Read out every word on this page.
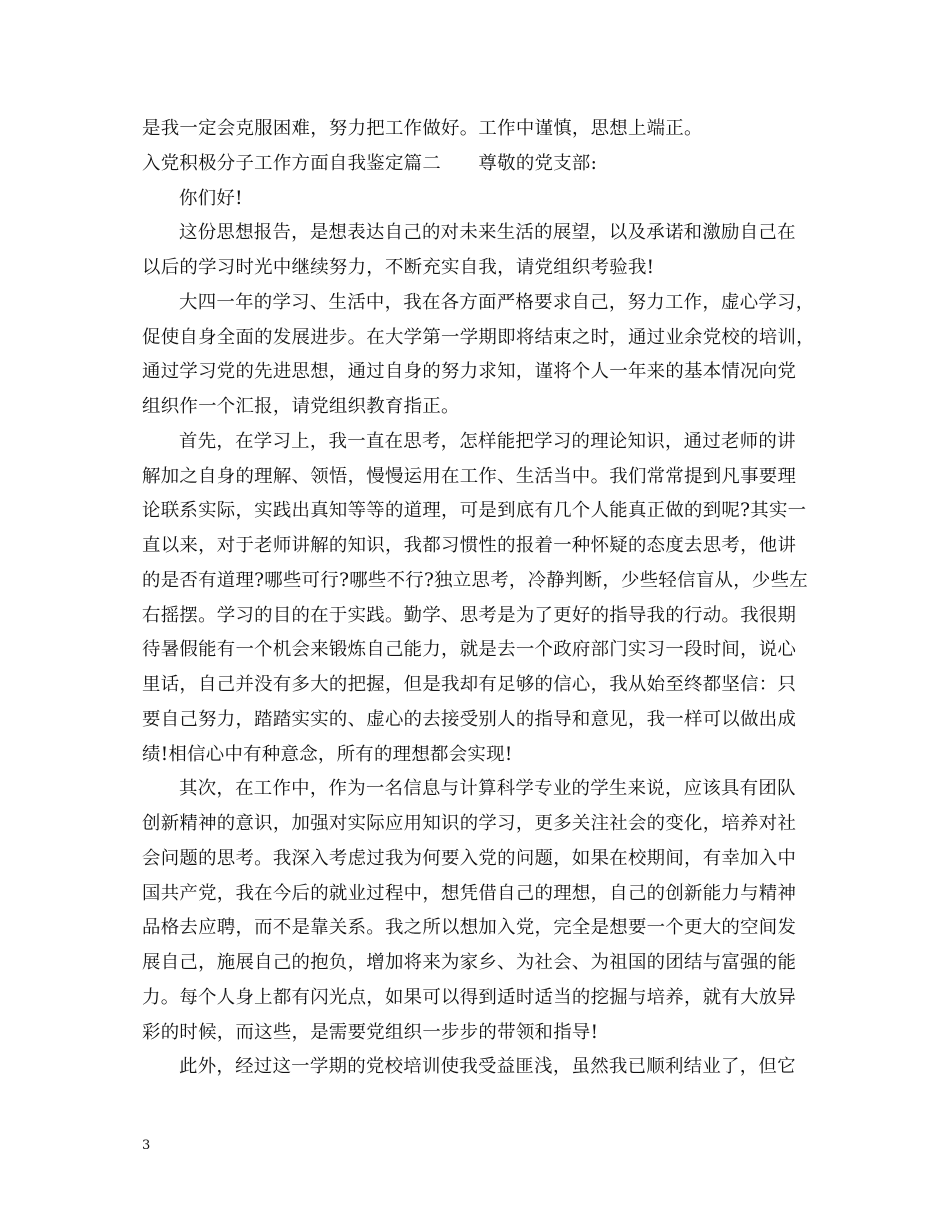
是我一定会克服困难，努力把工作做好。工作中谨慎，思想上端正。
入党积极分子工作方面自我鉴定篇二　　尊敬的党支部:
你们好!
这份思想报告，是想表达自己的对未来生活的展望，以及承诺和激励自己在
以后的学习时光中继续努力，不断充实自我，请党组织考验我!
大四一年的学习、生活中，我在各方面严格要求自己，努力工作，虚心学习，
促使自身全面的发展进步。在大学第一学期即将结束之时，通过业余党校的培训，
通过学习党的先进思想，通过自身的努力求知，谨将个人一年来的基本情况向党
组织作一个汇报，请党组织教育指正。
首先，在学习上，我一直在思考，怎样能把学习的理论知识，通过老师的讲
解加之自身的理解、领悟，慢慢运用在工作、生活当中。我们常常提到凡事要理
论联系实际，实践出真知等等的道理，可是到底有几个人能真正做的到呢?其实一
直以来，对于老师讲解的知识，我都习惯性的报着一种怀疑的态度去思考，他讲
的是否有道理?哪些可行?哪些不行?独立思考，冷静判断，少些轻信盲从，少些左
右摇摆。学习的目的在于实践。勤学、思考是为了更好的指导我的行动。我很期
待暑假能有一个机会来锻炼自己能力，就是去一个政府部门实习一段时间，说心
里话，自己并没有多大的把握，但是我却有足够的信心，我从始至终都坚信：只
要自己努力，踏踏实实的、虚心的去接受别人的指导和意见，我一样可以做出成
绩!相信心中有种意念，所有的理想都会实现!
其次，在工作中，作为一名信息与计算科学专业的学生来说，应该具有团队
创新精神的意识，加强对实际应用知识的学习，更多关注社会的变化，培养对社
会问题的思考。我深入考虑过我为何要入党的问题，如果在校期间，有幸加入中
国共产党，我在今后的就业过程中，想凭借自己的理想，自己的创新能力与精神
品格去应聘，而不是靠关系。我之所以想加入党，完全是想要一个更大的空间发
展自己，施展自己的抱负，增加将来为家乡、为社会、为祖国的团结与富强的能
力。每个人身上都有闪光点，如果可以得到适时适当的挖掘与培养，就有大放异
彩的时候，而这些，是需要党组织一步步的带领和指导!
此外，经过这一学期的党校培训使我受益匪浅，虽然我已顺利结业了，但它
3
